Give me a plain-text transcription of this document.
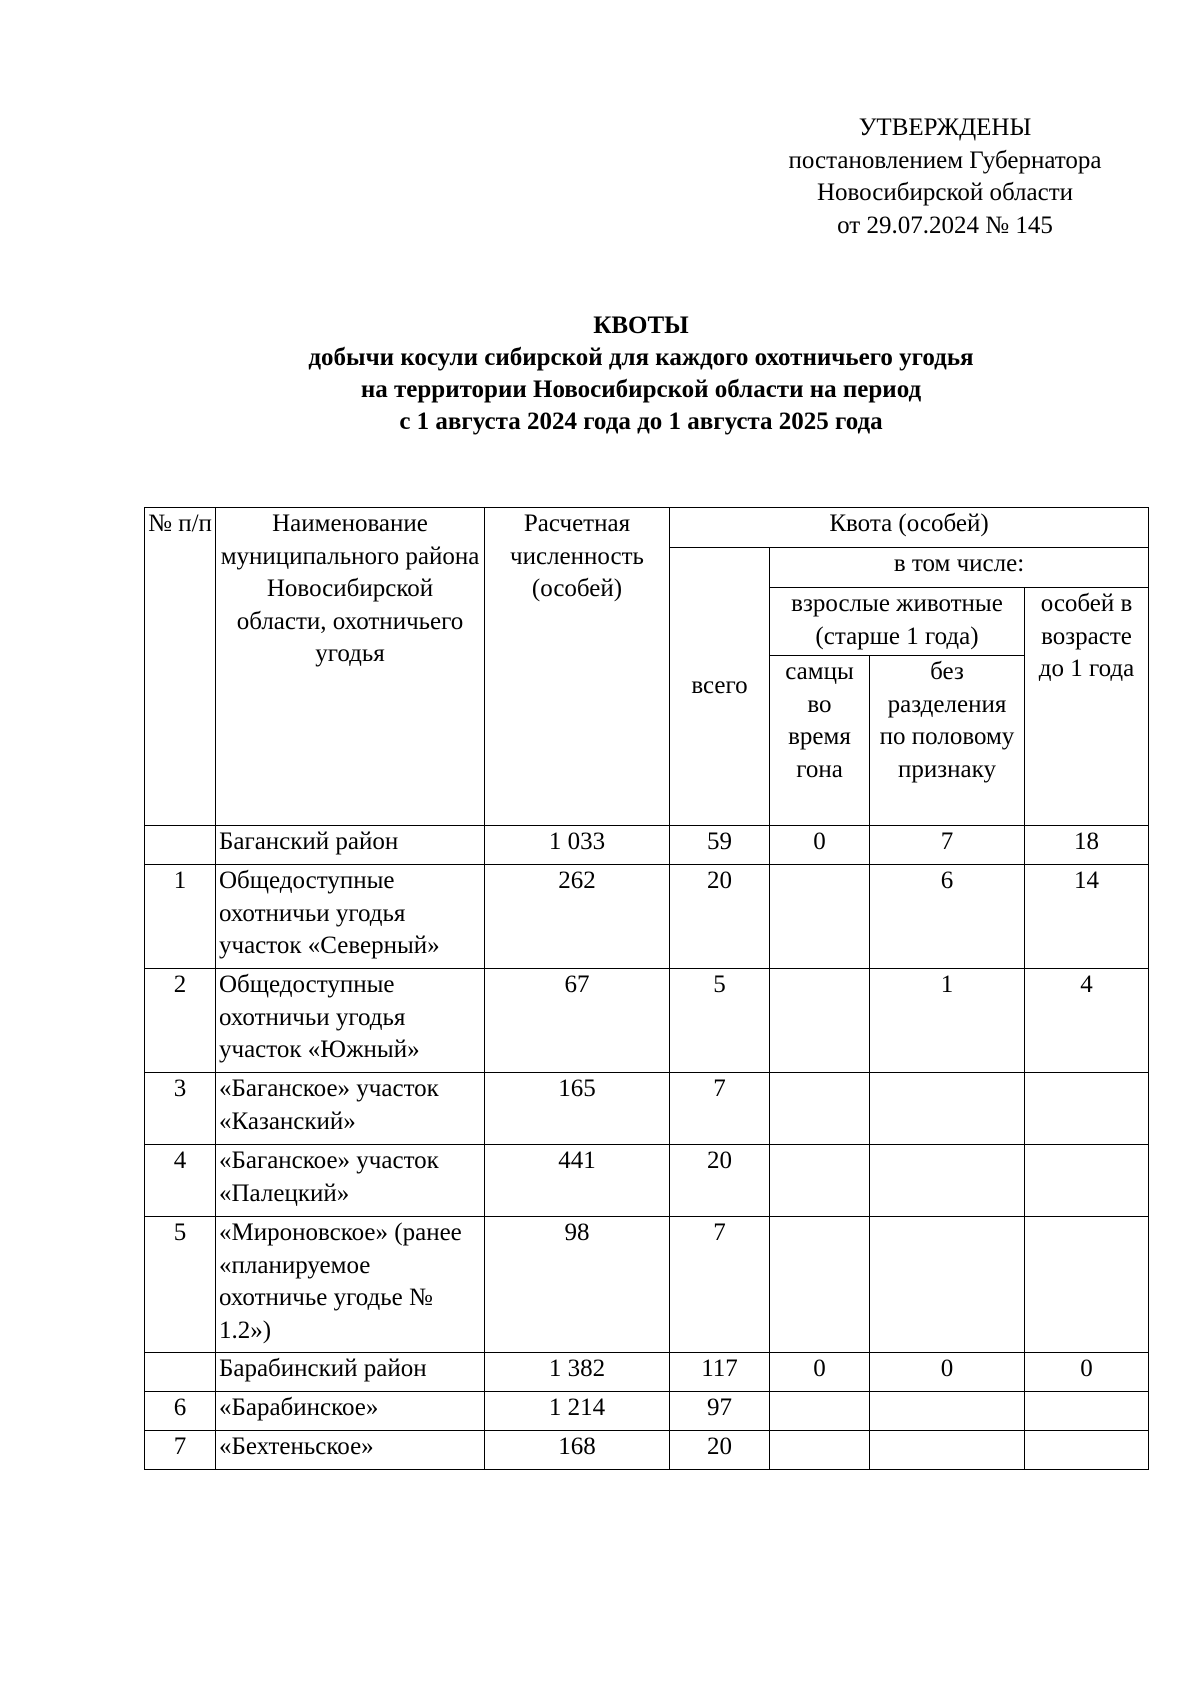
УТВЕРЖДЕНЫ
постановлением Губернатора
Новосибирской области
от 29.07.2024 № 145
КВОТЫ
добычи косули сибирской для каждого охотничьего угодья
на территории Новосибирской области на период
с 1 августа 2024 года до 1 августа 2025 года
№ п/п	Наименование муниципального района Новосибирской области, охотничьего угодья	Расчетная численность (особей)	Квота (особей)			
			всего	в том числе:		
				взрослые животные (старше 1 года)		особей в возрасте до 1 года
				самцы во время гона	без разделения по половому признаку	
	Баганский район	1 033	59	0	7	18
1	Общедоступные охотничьи угодья участок «Северный»	262	20		6	14
2	Общедоступные охотничьи угодья участок «Южный»	67	5		1	4
3	«Баганское» участок «Казанский»	165	7			
4	«Баганское» участок «Палецкий»	441	20			
5	«Мироновское» (ранее «планируемое охотничье угодье № 1.2»)	98	7			
	Барабинский район	1 382	117	0	0	0
6	«Барабинское»	1 214	97			
7	«Бехтеньское»	168	20			
